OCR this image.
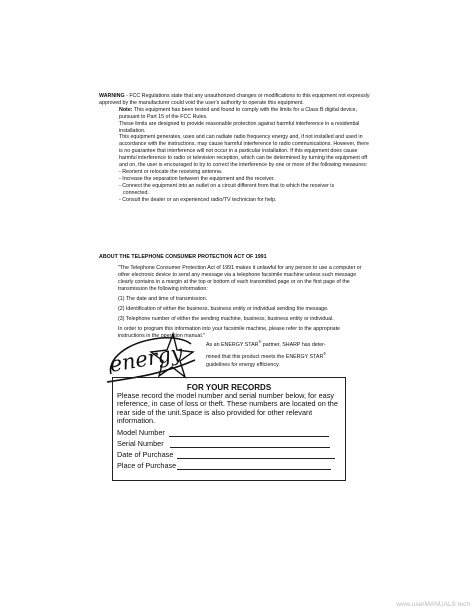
WARNING - FCC Regulations state that any unauthorized changes or modifications to this equipment not expressly approved by the manufacturer could void the user's authority to operate this equipment.

Note: This equipment has been tested and found to comply with the limits for a Class B digital device, pursuant to Part 15 of the FCC Rules.

These limits are designed to provide reasonable protection against harmful interference in a residential installation.

This equipment generates, uses and can radiate radio frequency energy and, if not installed and used in accordance with the instructions, may cause harmful interference to radio communications. However, there is no guarantee that interference will not occur in a particular installation. If this equipment does cause harmful interference to radio or television reception, which can be determined by turning the equipment off and on, the user is encouraged to try to correct the interference by one or more of the following measures:

- Reorient or relocate the receiving antenna.

- Increase the separation between the equipment and the receiver.

- Connect the equipment into an outlet on a circuit different from that to which the receiver is

connected.

- Consult the dealer or an experienced radio/TV technician for help.

ABOUT THE TELEPHONE CONSUMER PROTECTION ACT OF 1991

"The Telephone Consumer Protection Act of 1991 makes it unlawful for any person to use a computer or other electronic device to send any message via a telephone facsimile machine unless such message clearly contains in a margin at the top or bottom of each transmitted page or on the first page of the transmission the following information:

(1) The date and time of transmission.

(2) Identification of either the business, business entity or individual sending the message.

(3) Telephone number of either the sending machine, business, business entity or individual.

In order to program this information into your facsimile machine, please refer to the appropriate instructions in the operation manual."

energy	As an ENERGY STAR® partner, SHARP has deter-
mined that this product meets the ENERGY STAR®
guidelines for energy efficiency.
FOR YOUR RECORDS
Please record the model number and serial number below, for easy reference, in case of loss or theft. These numbers are located on the rear side of the unit.Space is also provided for other relevant information.
Model Number
Serial Number
Date of Purchase
Place of Purchase
www.userMANUALS.tech
